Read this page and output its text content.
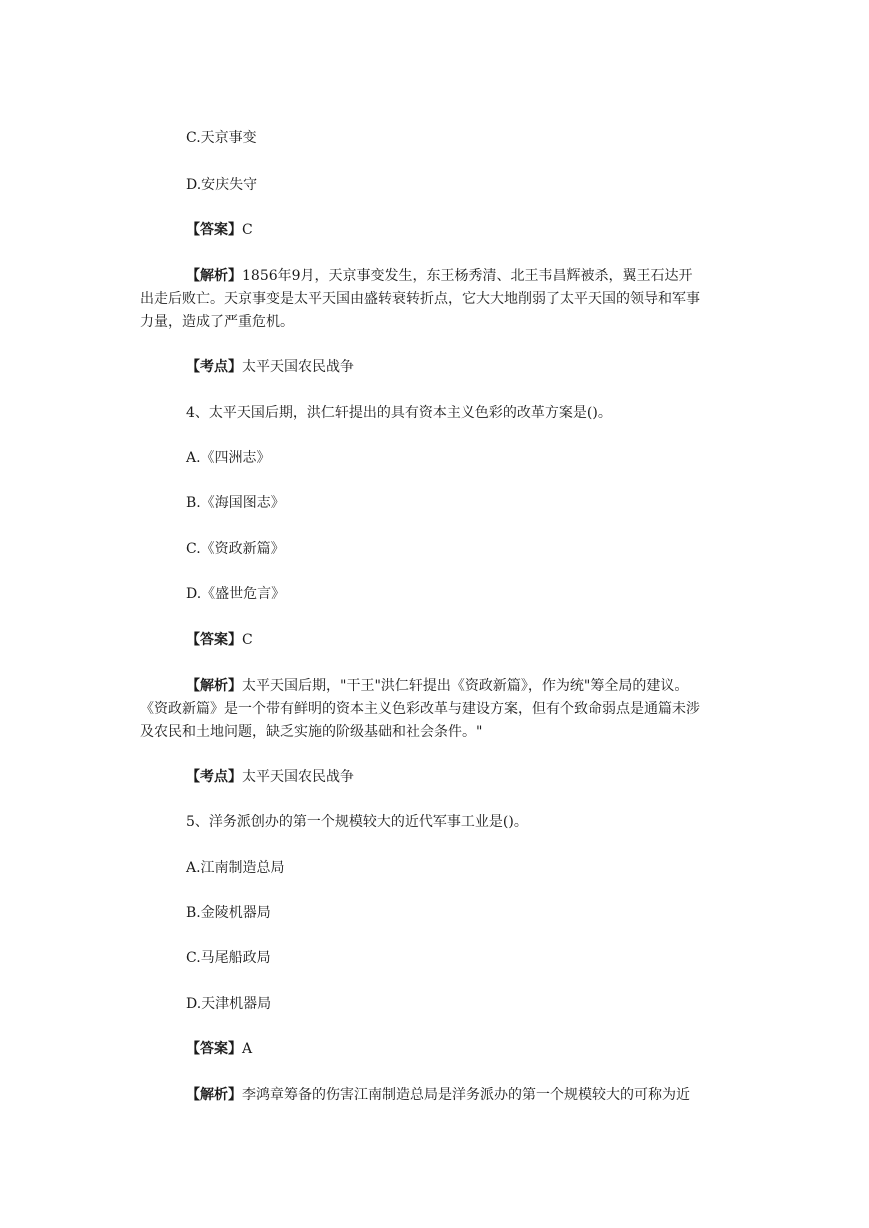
C.天京事变
D.安庆失守
【答案】C
【解析】1856年9月，天京事变发生，东王杨秀清、北王韦昌辉被杀，翼王石达开
出走后败亡。天京事变是太平天国由盛转衰转折点，它大大地削弱了太平天国的领导和军事
力量，造成了严重危机。
【考点】太平天国农民战争
4、太平天国后期，洪仁轩提出的具有资本主义色彩的改革方案是()。
A.《四洲志》
B.《海国图志》
C.《资政新篇》
D.《盛世危言》
【答案】C
【解析】太平天国后期，"干王"洪仁轩提出《资政新篇》，作为统"筹全局的建议。
《资政新篇》是一个带有鲜明的资本主义色彩改革与建设方案，但有个致命弱点是通篇未涉
及农民和土地问题，缺乏实施的阶级基础和社会条件。"
【考点】太平天国农民战争
5、洋务派创办的第一个规模较大的近代军事工业是()。
A.江南制造总局
B.金陵机器局
C.马尾船政局
D.天津机器局
【答案】A
【解析】李鸿章筹备的伤害江南制造总局是洋务派办的第一个规模较大的可称为近
